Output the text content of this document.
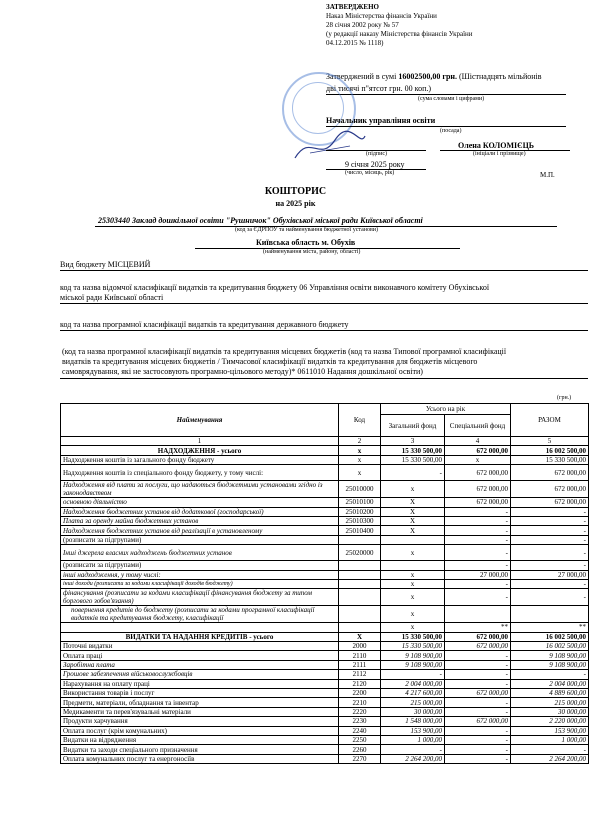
ЗАТВЕРДЖЕНО
Наказ Міністерства фінансів України
28 січня 2002 року № 57
(у редакції наказу Міністерства фінансів України
04.12.2015 № 1118)
Затверджений в сумі 16002500,00 грн. (Шістнадцять мільйонів
дві тисячі п"ятсот грн. 00 коп.)
(сума словами і цифрами)
Начальник управління освіти
(посада)
Олена КОЛОМІЄЦЬ
(підпис)	(ініціали і прізвище)
9 січня 2025 року
(число, місяць, рік)	М.П.
КОШТОРИС
на 2025 рік
25303440 Заклад дошкільної освіти "Рушничок" Обухівської міської ради Київської області
(код за ЄДРПОУ та найменування бюджетної установи)
Київська область м. Обухів
(найменування міста, району, області)
Вид бюджету МІСЦЕВИЙ
код та назва відомчої класифікації видатків та кредитування бюджету 06 Управління освіти виконавчого комітету Обухівської
міської ради Київської області
код та назва програмної класифікації видатків та кредитування державного бюджету
(код та назва програмної класифікації видатків та кредитування місцевих бюджетів (код та назва Типової програмної класифікації
видатків та кредитування місцевих бюджетів / Тимчасової класифікації видатків та кредитування для бюджетів місцевого
самоврядування, які не застосовують програмно-цільового методу)* 0611010 Надання дошкільної освіти)
(грн.)
Найменування	Код	Усього на рік		РАЗОМ
		Загальний фонд	Спеціальний фонд	
1	2	3	4	5
НАДХОДЖЕННЯ - усього	х	15 330 500,00	672 000,00	16 002 500,00
Надходження коштів із загального фонду бюджету	х	15 330 500,00	х	15 330 500,00
Надходження коштів із спеціального фонду бюджету, у тому числі:	х	-	672 000,00	672 000,00
Надходження від плати за послуги, що надаються бюджетними установами згідно із законодавством	25010000	х	672 000,00	672 000,00
основною діяльністю	25010100	Х	672 000,00	672 000,00
Надходження бюджетних установ від додаткової (господарської)	25010200	Х	-	-
Плата за оренду майна бюджетних установ	25010300	Х	-	-
Надходження бюджетних установ від реалізації в установленому	25010400	Х	-	-
(розписати за підгрупами)			-	-
Інші джерела власних надходжень бюджетних установ	25020000	х	-	-
(розписати за підгрупами)			-	-
інші надходження, у тому числі:		х	27 000,00	27 000,00
інші доходи (розписати за кодами класифікації доходів бюджету)		х	-	-
фінансування (розписати за кодами класифікації фінансування бюджету за типом боргового зобов'язання)		х	-	-
повернення кредитів до бюджету (розписати за кодами програмної класифікації видатків та кредитування бюджету, класифікації		х		
		х	**	**
ВИДАТКИ ТА НАДАННЯ КРЕДИТІВ - усього	Х	15 330 500,00	672 000,00	16 002 500,00
Поточні видатки	2000	15 330 500,00	672 000,00	16 002 500,00
Оплата праці	2110	9 108 900,00	-	9 108 900,00
Заробітна плата	2111	9 108 900,00	-	9 108 900,00
Грошове забезпечення військовослужбовців	2112	-	-	-
Нарахування на оплату праці	2120	2 004 000,00	-	2 004 000,00
Використання товарів і послуг	2200	4 217 600,00	672 000,00	4 889 600,00
Предмети, матеріали, обладнання та інвентар	2210	215 000,00	-	215 000,00
Медикаменти та перев'язувальні матеріали	2220	30 000,00	-	30 000,00
Продукти харчування	2230	1 548 000,00	672 000,00	2 220 000,00
Оплата послуг (крім комунальних)	2240	153 900,00	-	153 900,00
Видатки на відрядження	2250	1 000,00	-	1 000,00
Видатки та заходи спеціального призначення	2260	-	-	-
Оплата комунальних послуг та енергоносіїв	2270	2 264 200,00	-	2 264 200,00
